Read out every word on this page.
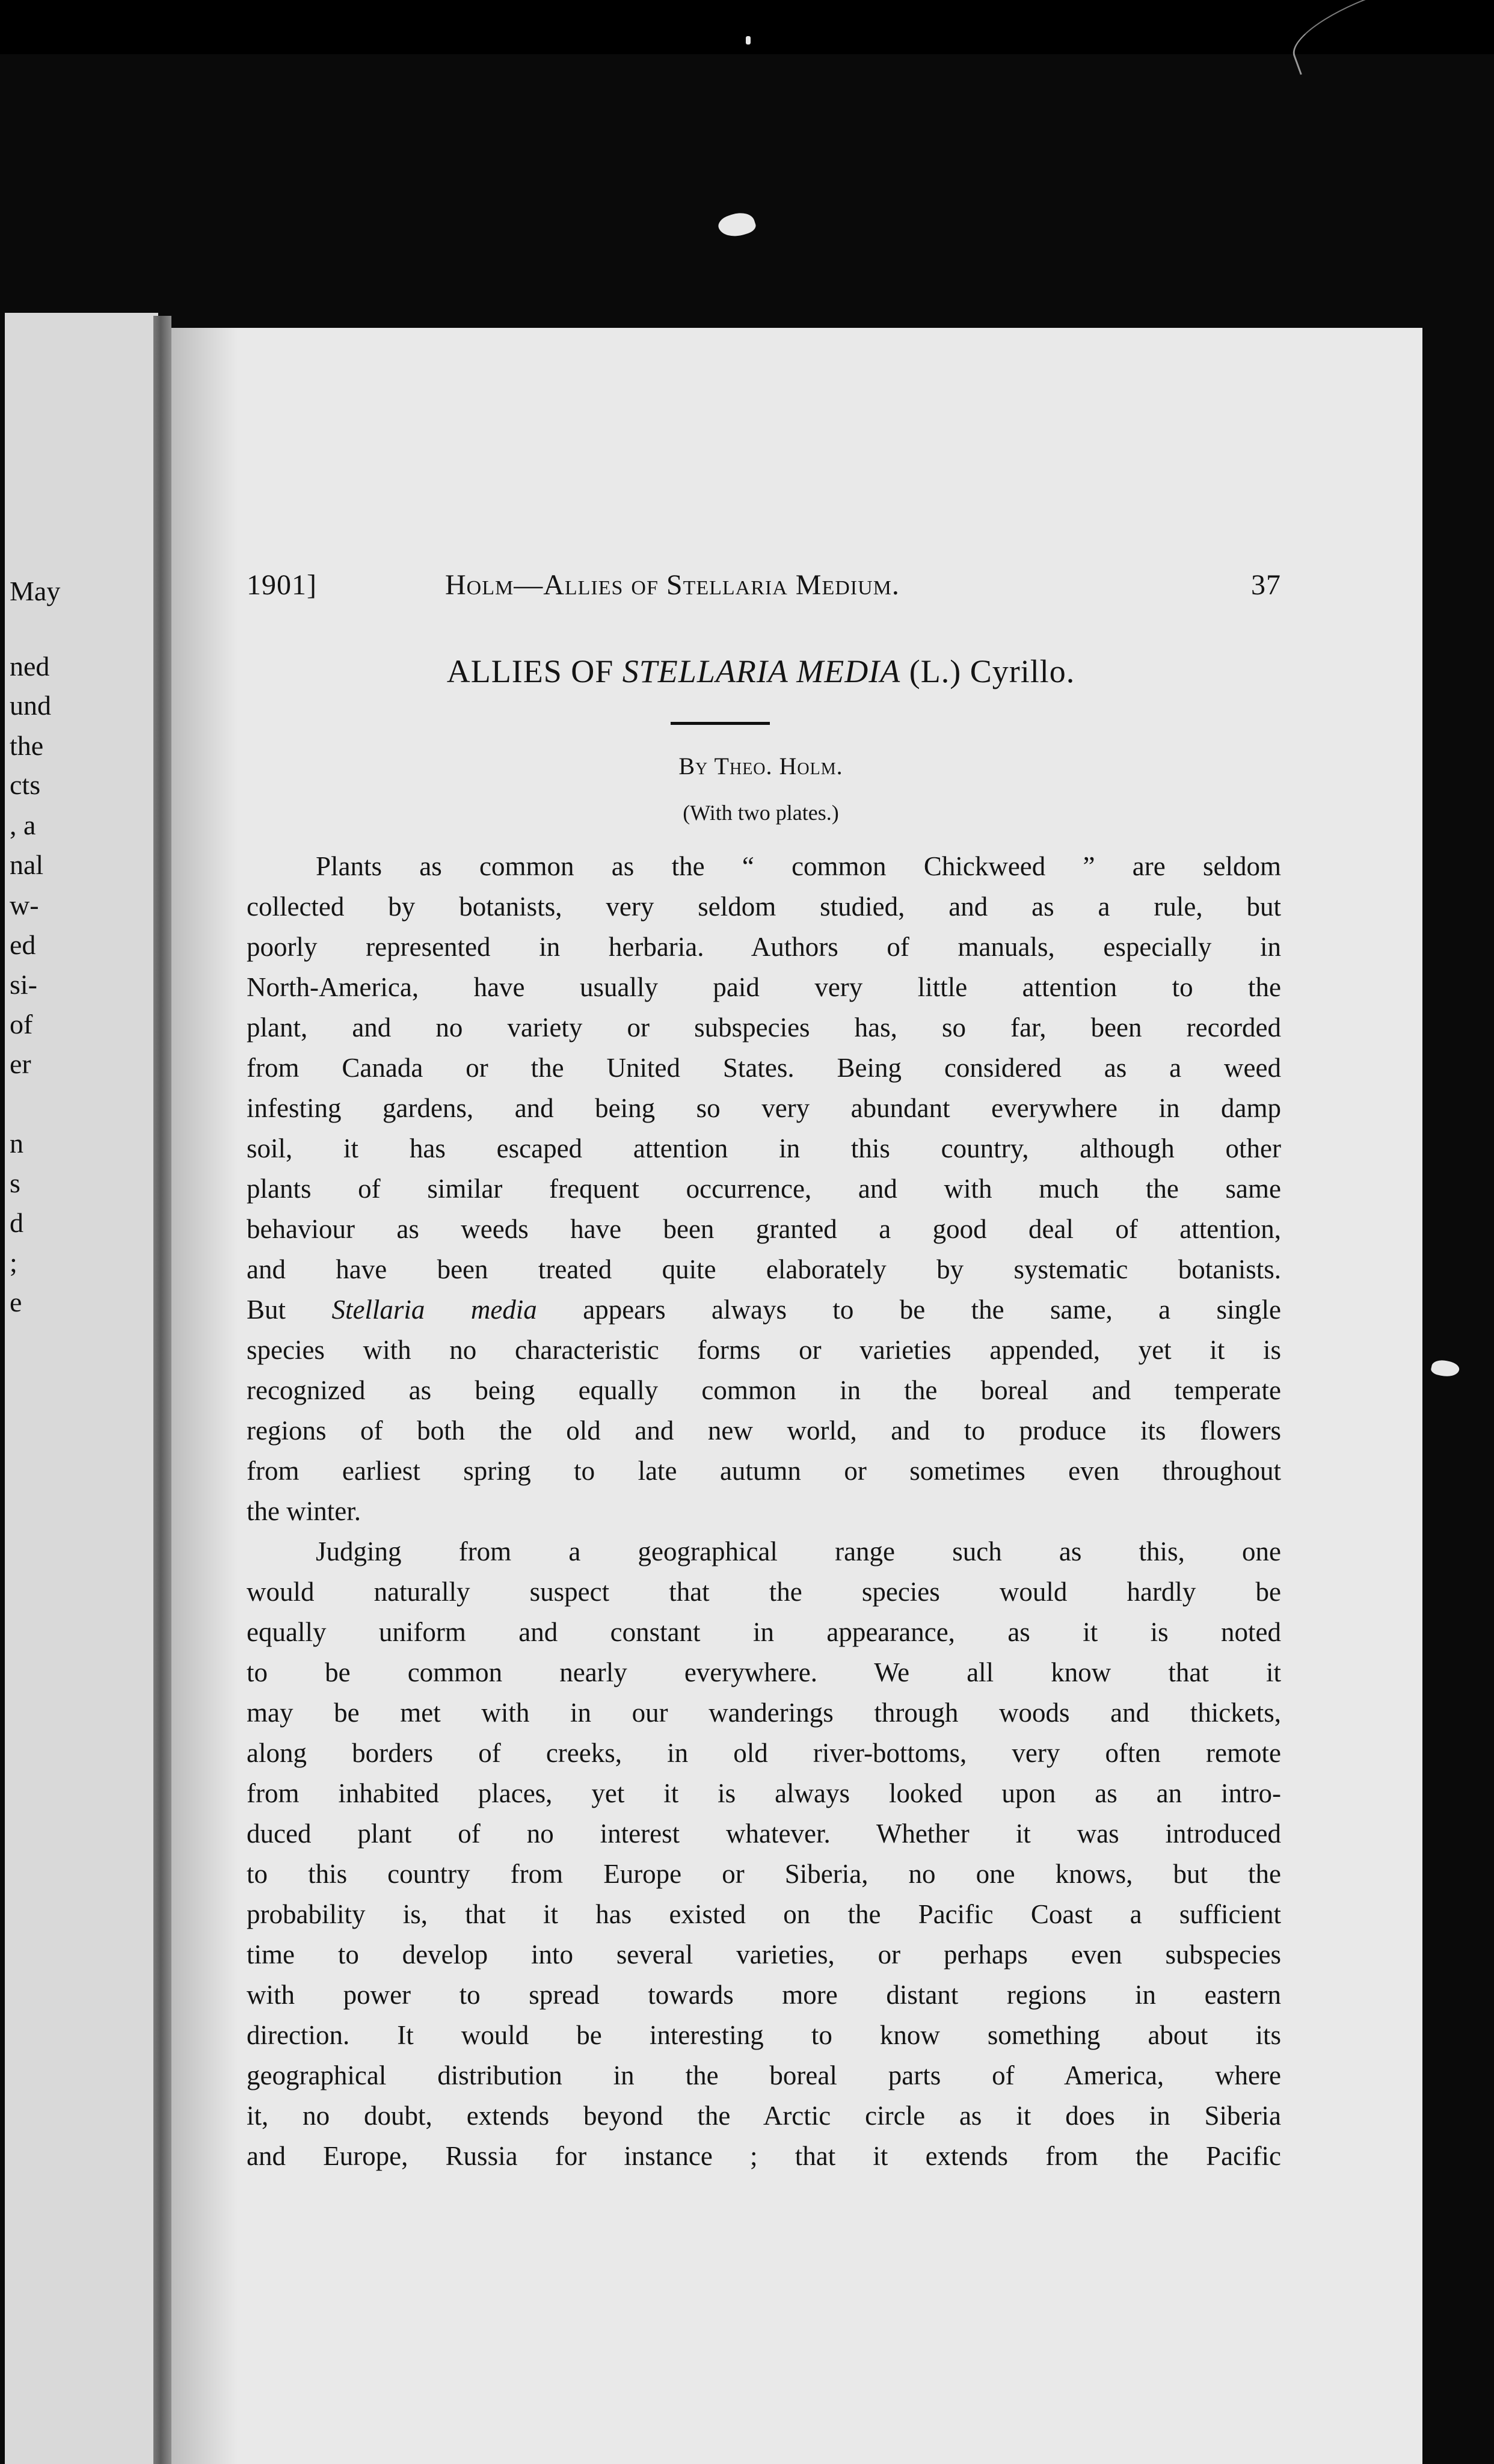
May
ned
und
the
cts
, a
nal
w-
ed
si-
of
er
n
s
d
;
e
1901]	Holm—Allies of Stellaria Medium.	37
ALLIES OF STELLARIA MEDIA (L.) Cyrillo.
By Theo. Holm.
(With two plates.)
Plants as common as the “ common Chickweed ” are seldom
collected by botanists, very seldom studied, and as a rule, but
poorly represented in herbaria. Authors of manuals, especially in
North-America, have usually paid very little attention to the
plant, and no variety or subspecies has, so far, been recorded
from Canada or the United States. Being considered as a weed
infesting gardens, and being so very abundant everywhere in damp
soil, it has escaped attention in this country, although other
plants of similar frequent occurrence, and with much the same
behaviour as weeds have been granted a good deal of attention,
and have been treated quite elaborately by systematic botanists.
But Stellaria media appears always to be the same, a single
species with no characteristic forms or varieties appended, yet it is
recognized as being equally common in the boreal and temperate
regions of both the old and new world, and to produce its flowers
from earliest spring to late autumn or sometimes even throughout
the winter.
Judging from a geographical range such as this, one
would naturally suspect that the species would hardly be
equally uniform and constant in appearance, as it is noted
to be common nearly everywhere. We all know that it
may be met with in our wanderings through woods and thickets,
along borders of creeks, in old river-bottoms, very often remote
from inhabited places, yet it is always looked upon as an intro-
duced plant of no interest whatever. Whether it was introduced
to this country from Europe or Siberia, no one knows, but the
probability is, that it has existed on the Pacific Coast a sufficient
time to develop into several varieties, or perhaps even subspecies
with power to spread towards more distant regions in eastern
direction. It would be interesting to know something about its
geographical distribution in the boreal parts of America, where
it, no doubt, extends beyond the Arctic circle as it does in Siberia
and Europe, Russia for instance ; that it extends from the Pacific
